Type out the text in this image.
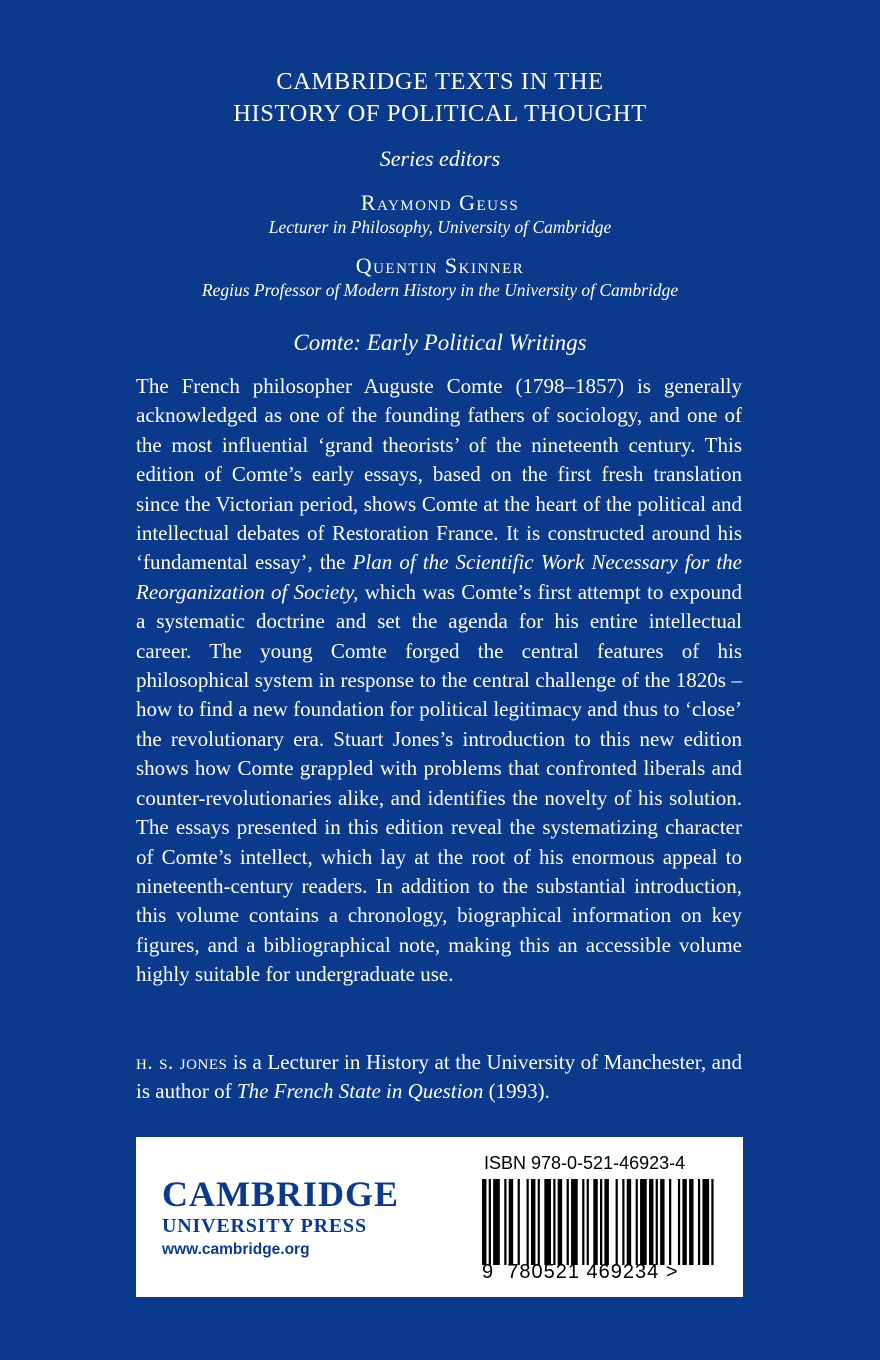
CAMBRIDGE TEXTS IN THE
HISTORY OF POLITICAL THOUGHT
Series editors
Raymond Geuss
Lecturer in Philosophy, University of Cambridge
Quentin Skinner
Regius Professor of Modern History in the University of Cambridge
Comte: Early Political Writings

The French philosopher Auguste Comte (1798–1857) is generally acknowledged as one of the founding fathers of sociology, and one of the most influential ‘grand theorists’ of the nineteenth century. This edition of Comte’s early essays, based on the first fresh translation since the Victorian period, shows Comte at the heart of the political and intellectual debates of Restoration France. It is constructed around his ‘fundamental essay’, the Plan of the Scientific Work Necessary for the Reorganization of Society, which was Comte’s first attempt to expound a systematic doctrine and set the agenda for his entire intellectual career. The young Comte forged the central features of his philosophical system in response to the central challenge of the 1820s – how to find a new foundation for political legitimacy and thus to ‘close’ the revolutionary era. Stuart Jones’s introduction to this new edition shows how Comte grappled with problems that confronted liberals and counter-revolutionaries alike, and identifies the novelty of his solution. The essays presented in this edition reveal the systematizing character of Comte’s intellect, which lay at the root of his enormous appeal to nineteenth-century readers. In addition to the substantial introduction, this volume contains a chronology, biographical information on key figures, and a bibliographical note, making this an accessible volume highly suitable for undergraduate use.

h. s. jones is a Lecturer in History at the University of Manchester, and is author of The French State in Question (1993).

CAMBRIDGE
UNIVERSITY PRESS
www.cambridge.org
ISBN 978-0-521-46923-4
9 780521 469234 >
